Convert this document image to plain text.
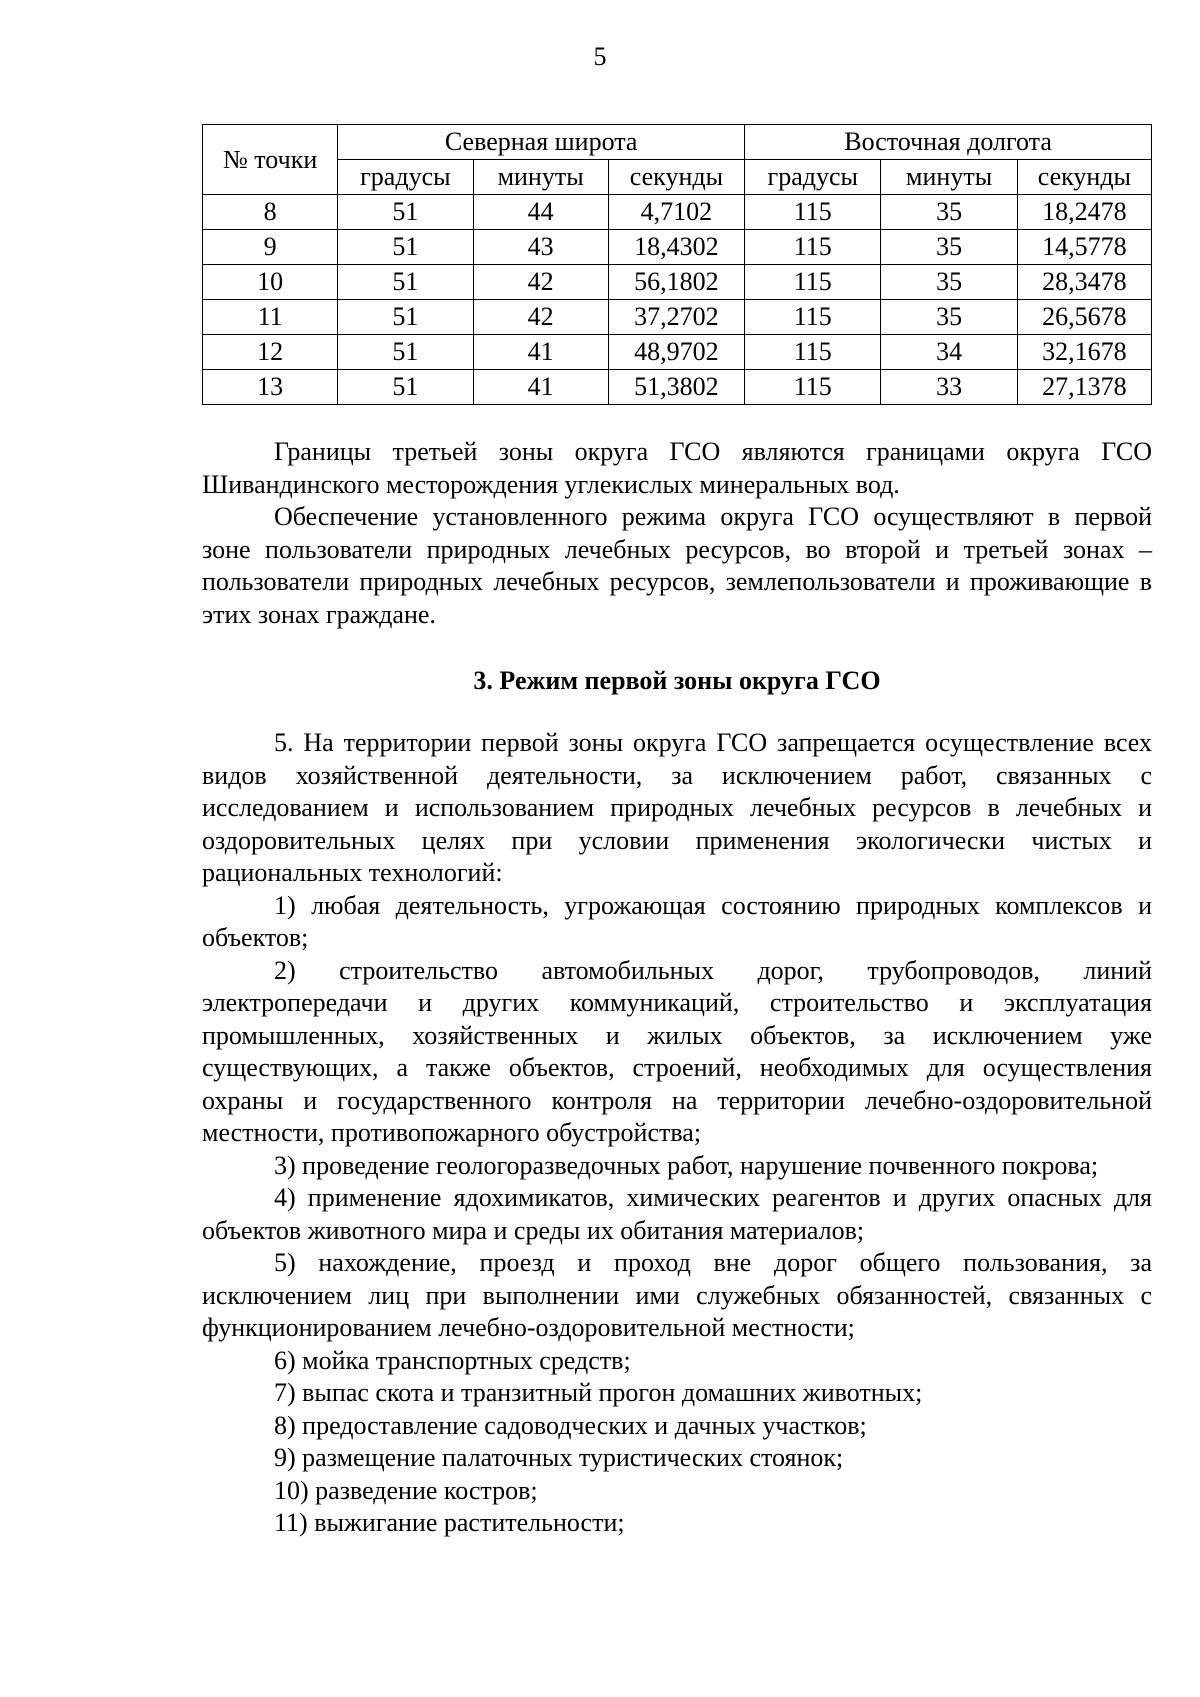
5
№ точки	Северная широта			Восточная долгота		
	градусы	минуты	секунды	градусы	минуты	секунды
8	51	44	4,7102	115	35	18,2478
9	51	43	18,4302	115	35	14,5778
10	51	42	56,1802	115	35	28,3478
11	51	42	37,2702	115	35	26,5678
12	51	41	48,9702	115	34	32,1678
13	51	41	51,3802	115	33	27,1378

Границы третьей зоны округа ГСО являются границами округа ГСО Шивандинского месторождения углекислых минеральных вод.

Обеспечение установленного режима округа ГСО осуществляют в первой зоне пользователи природных лечебных ресурсов, во второй и третьей зонах – пользователи природных лечебных ресурсов, землепользователи и проживающие в этих зонах граждане.

3. Режим первой зоны округа ГСО

5. На территории первой зоны округа ГСО запрещается осуществление всех видов хозяйственной деятельности, за исключением работ, связанных с исследованием и использованием природных лечебных ресурсов в лечебных и оздоровительных целях при условии применения экологически чистых и рациональных технологий:

1) любая деятельность, угрожающая состоянию природных комплексов и объектов;
2) строительство автомобильных дорог, трубопроводов, линий электропередачи и других коммуникаций, строительство и эксплуатация промышленных, хозяйственных и жилых объектов, за исключением уже существующих, а также объектов, строений, необходимых для осуществления охраны и государственного контроля на территории лечебно-оздоровительной местности, противопожарного обустройства;
3) проведение геологоразведочных работ, нарушение почвенного покрова;
4) применение ядохимикатов, химических реагентов и других опасных для объектов животного мира и среды их обитания материалов;
5) нахождение, проезд и проход вне дорог общего пользования, за исключением лиц при выполнении ими служебных обязанностей, связанных с функционированием лечебно-оздоровительной местности;
6) мойка транспортных средств;
7) выпас скота и транзитный прогон домашних животных;
8) предоставление садоводческих и дачных участков;
9) размещение палаточных туристических стоянок;
10) разведение костров;
11) выжигание растительности;
